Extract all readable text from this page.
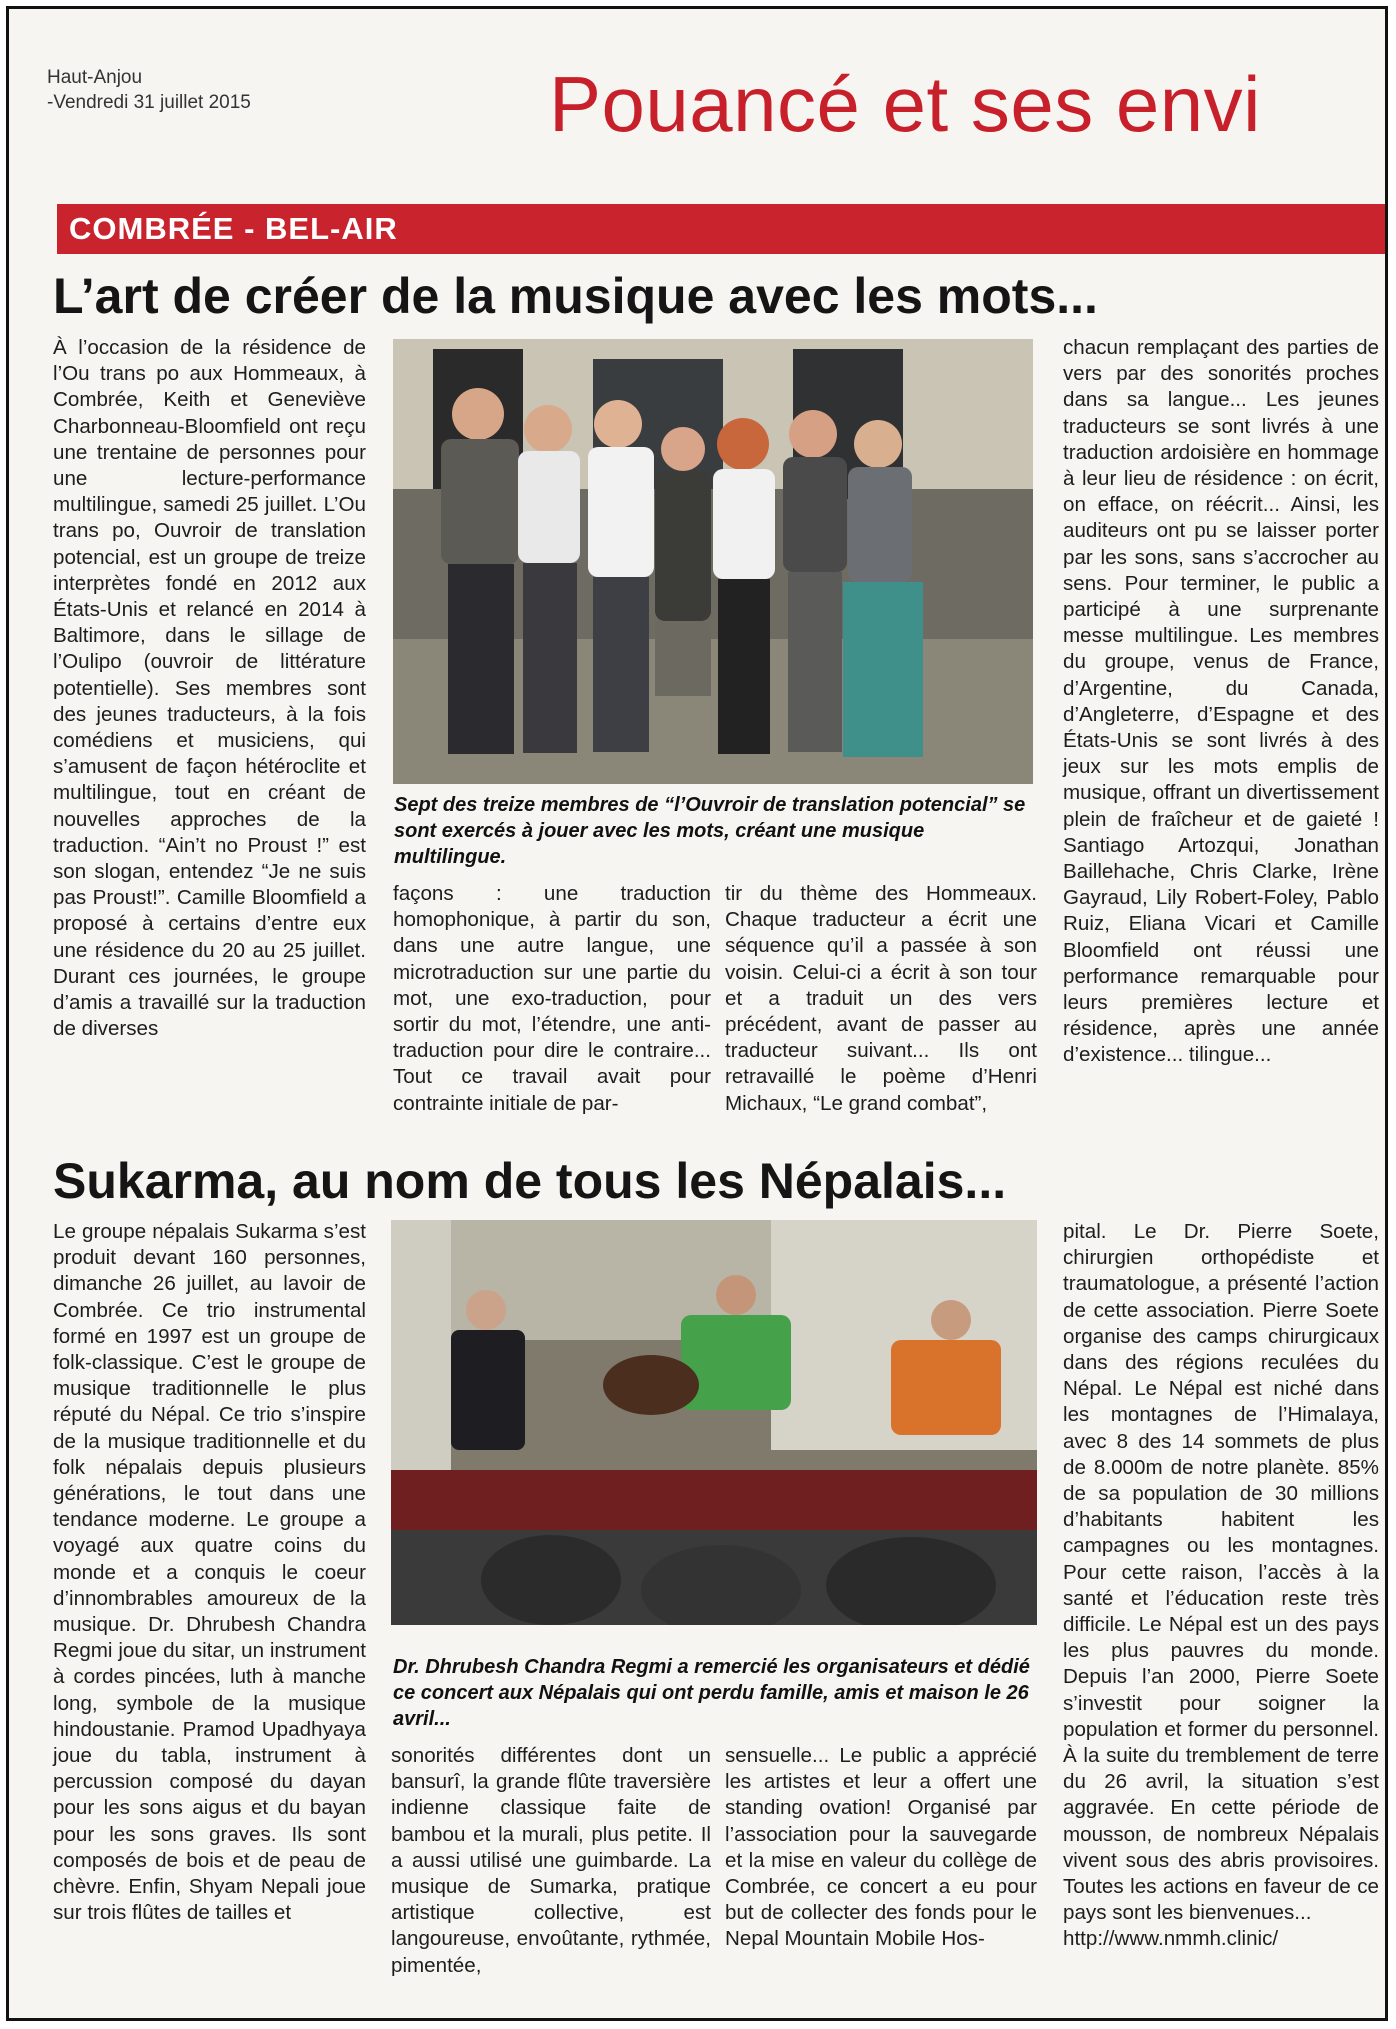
Haut-Anjou
-Vendredi 31 juillet 2015	Pouancé et ses envi
COMBRÉE - BEL-AIR
L’art de créer de la musique avec les mots...
À l’occasion de la résidence de l’Ou trans po aux Hommeaux, à Combrée, Keith et Geneviève Charbonneau-Bloomfield ont reçu une trentaine de personnes pour une lecture-performance multilingue, samedi 25 juillet. L’Ou trans po, Ouvroir de translation potencial, est un groupe de treize interprètes fondé en 2012 aux États-Unis et relancé en 2014 à Baltimore, dans le sillage de l’Oulipo (ouvroir de littérature potentielle). Ses membres sont des jeunes traducteurs, à la fois comédiens et musiciens, qui s’amusent de façon hétéroclite et multilingue, tout en créant de nouvelles approches de la traduction. “Ain’t no Proust !” est son slogan, entendez “Je ne suis pas Proust!”. Camille Bloomfield a proposé à certains d’entre eux une résidence du 20 au 25 juillet. Durant ces journées, le groupe d’amis a travaillé sur la traduction de diverses
Sept des treize membres de “l’Ouvroir de translation potencial” se sont exercés à jouer avec les mots, créant une musique multilingue.
façons : une traduction homophonique, à partir du son, dans une autre langue, une microtraduction sur une partie du mot, une exo-traduction, pour sortir du mot, l’étendre, une anti-traduction pour dire le contraire... Tout ce travail avait pour contrainte initiale de par-
tir du thème des Hommeaux. Chaque traducteur a écrit une séquence qu’il a passée à son voisin. Celui-ci a écrit à son tour et a traduit un des vers précédent, avant de passer au traducteur suivant... Ils ont retravaillé le poème d’Henri Michaux, “Le grand combat”,
chacun remplaçant des parties de vers par des sonorités proches dans sa langue... Les jeunes traducteurs se sont livrés à une traduction ardoisière en hommage à leur lieu de résidence : on écrit, on efface, on réécrit... Ainsi, les auditeurs ont pu se laisser porter par les sons, sans s’accrocher au sens. Pour terminer, le public a participé à une surprenante messe multilingue. Les membres du groupe, venus de France, d’Argentine, du Canada, d’Angleterre, d’Espagne et des États-Unis se sont livrés à des jeux sur les mots emplis de musique, offrant un divertissement plein de fraîcheur et de gaieté ! Santiago Artozqui, Jonathan Baillehache, Chris Clarke, Irène Gayraud, Lily Robert-Foley, Pablo Ruiz, Eliana Vicari et Camille Bloomfield ont réussi une performance remarquable pour leurs premières lecture et résidence, après une année d’existence... tilingue...
Sukarma, au nom de tous les Népalais...
Le groupe népalais Sukarma s’est produit devant 160 personnes, dimanche 26 juillet, au lavoir de Combrée. Ce trio instrumental formé en 1997 est un groupe de folk-classique. C’est le groupe de musique traditionnelle le plus réputé du Népal. Ce trio s’inspire de la musique traditionnelle et du folk népalais depuis plusieurs générations, le tout dans une tendance moderne. Le groupe a voyagé aux quatre coins du monde et a conquis le coeur d’innombrables amoureux de la musique. Dr. Dhrubesh Chandra Regmi joue du sitar, un instrument à cordes pincées, luth à manche long, symbole de la musique hindoustanie. Pramod Upadhyaya joue du tabla, instrument à percussion composé du dayan pour les sons aigus et du bayan pour les sons graves. Ils sont composés de bois et de peau de chèvre. Enfin, Shyam Nepali joue sur trois flûtes de tailles et
Dr. Dhrubesh Chandra Regmi a remercié les organisateurs et dédié ce concert aux Népalais qui ont perdu famille, amis et maison le 26 avril...
sonorités différentes dont un bansurî, la grande flûte traversière indienne classique faite de bambou et la murali, plus petite. Il a aussi utilisé une guimbarde. La musique de Sumarka, pratique artistique collective, est langoureuse, envoûtante, rythmée, pimentée,
sensuelle... Le public a apprécié les artistes et leur a offert une standing ovation! Organisé par l’association pour la sauvegarde et la mise en valeur du collège de Combrée, ce concert a eu pour but de collecter des fonds pour le Nepal Mountain Mobile Hos-
pital. Le Dr. Pierre Soete, chirurgien orthopédiste et traumatologue, a présenté l’action de cette association. Pierre Soete organise des camps chirurgicaux dans des régions reculées du Népal. Le Népal est niché dans les montagnes de l’Himalaya, avec 8 des 14 sommets de plus de 8.000m de notre planète. 85% de sa population de 30 millions d’habitants habitent les campagnes ou les montagnes. Pour cette raison, l’accès à la santé et l’éducation reste très difficile. Le Népal est un des pays les plus pauvres du monde. Depuis l’an 2000, Pierre Soete s’investit pour soigner la population et former du personnel. À la suite du tremblement de terre du 26 avril, la situation s’est aggravée. En cette période de mousson, de nombreux Népalais vivent sous des abris provisoires. Toutes les actions en faveur de ce pays sont les bienvenues...
http://www.nmmh.clinic/
